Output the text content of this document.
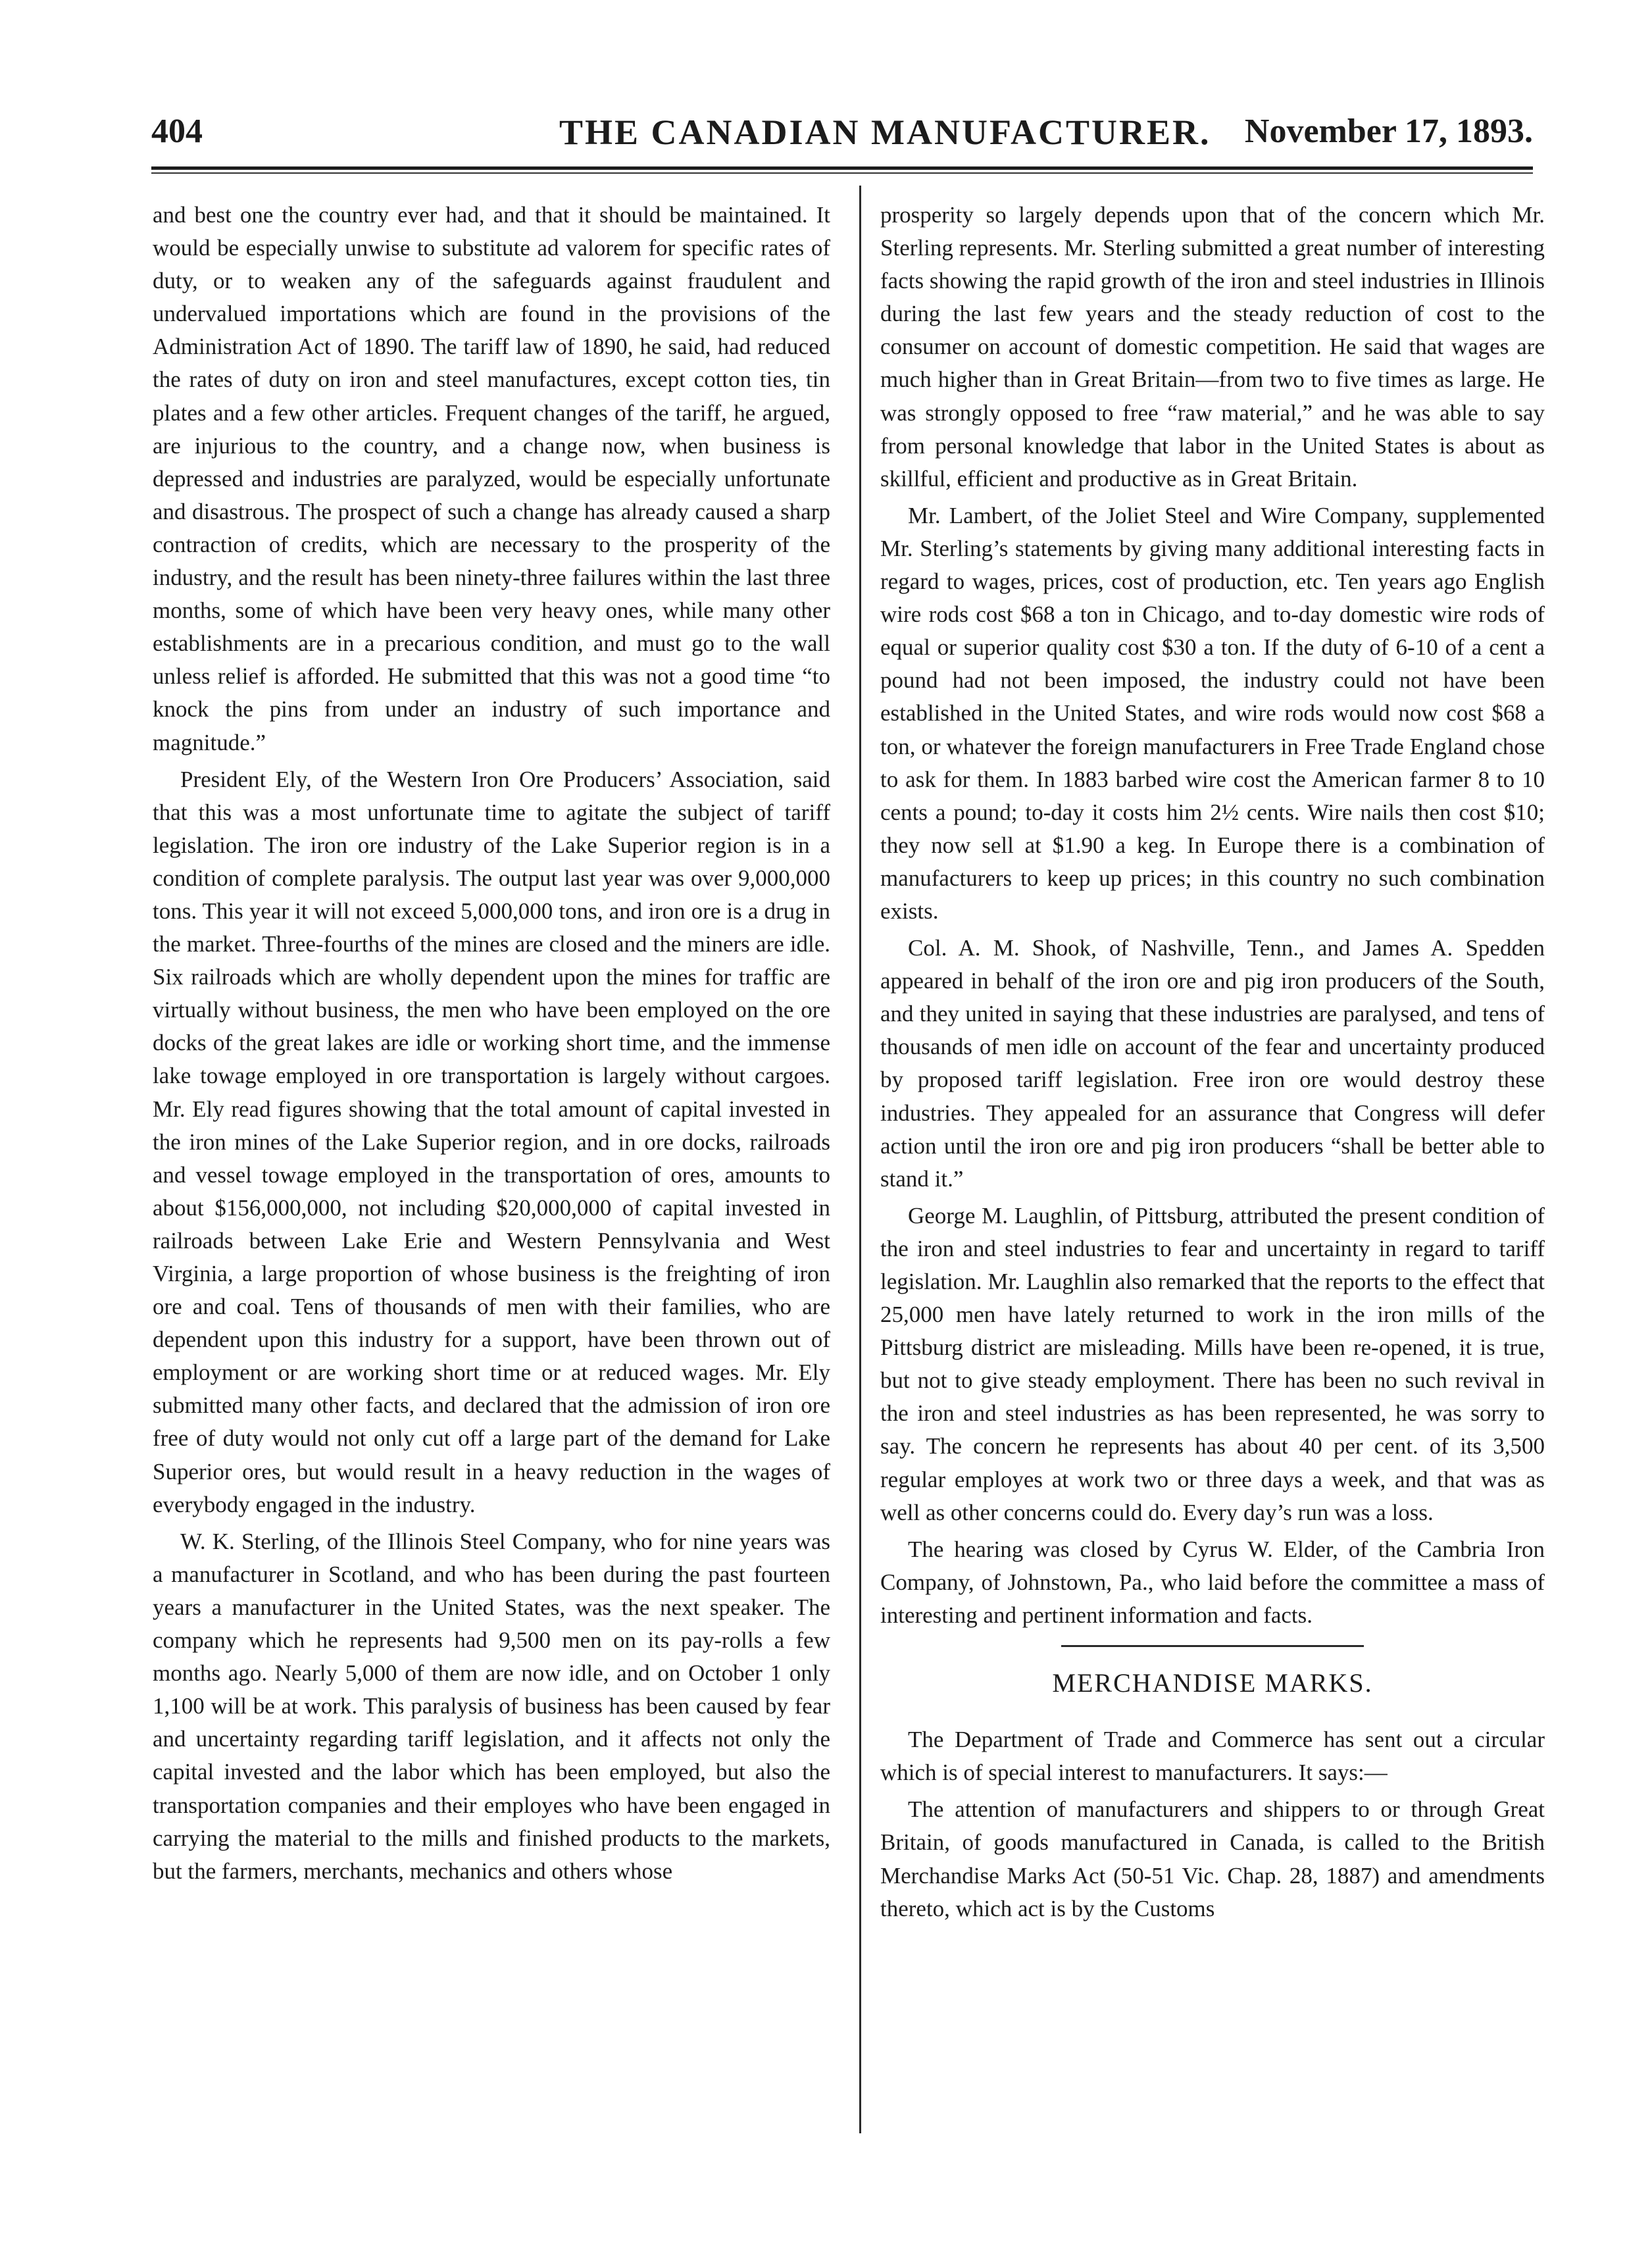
404	THE CANADIAN MANUFACTURER. November 17, 1893.

and best one the country ever had, and that it should be maintained. It would be especially unwise to substitute ad valorem for specific rates of duty, or to weaken any of the safeguards against fraudulent and undervalued importations which are found in the provisions of the Administration Act of 1890. The tariff law of 1890, he said, had reduced the rates of duty on iron and steel manufactures, except cotton ties, tin plates and a few other articles. Frequent changes of the tariff, he argued, are injurious to the country, and a change now, when business is depressed and industries are paralyzed, would be especially unfortunate and disastrous. The prospect of such a change has already caused a sharp contraction of credits, which are necessary to the prosperity of the industry, and the result has been ninety-three failures within the last three months, some of which have been very heavy ones, while many other establishments are in a precarious condition, and must go to the wall unless relief is afforded. He submitted that this was not a good time “to knock the pins from under an industry of such importance and magnitude.”

President Ely, of the Western Iron Ore Producers’ Association, said that this was a most unfortunate time to agitate the subject of tariff legislation. The iron ore industry of the Lake Superior region is in a condition of complete paralysis. The output last year was over 9,000,000 tons. This year it will not exceed 5,000,000 tons, and iron ore is a drug in the market. Three-fourths of the mines are closed and the miners are idle. Six railroads which are wholly dependent upon the mines for traffic are virtually without business, the men who have been employed on the ore docks of the great lakes are idle or working short time, and the immense lake towage employed in ore transportation is largely without cargoes. Mr. Ely read figures showing that the total amount of capital invested in the iron mines of the Lake Superior region, and in ore docks, railroads and vessel towage employed in the transportation of ores, amounts to about $156,000,000, not including $20,000,000 of capital invested in railroads between Lake Erie and Western Pennsylvania and West Virginia, a large proportion of whose business is the freighting of iron ore and coal. Tens of thousands of men with their families, who are dependent upon this industry for a support, have been thrown out of employment or are working short time or at reduced wages. Mr. Ely submitted many other facts, and declared that the admission of iron ore free of duty would not only cut off a large part of the demand for Lake Superior ores, but would result in a heavy reduction in the wages of everybody engaged in the industry.

W. K. Sterling, of the Illinois Steel Company, who for nine years was a manufacturer in Scotland, and who has been during the past fourteen years a manufacturer in the United States, was the next speaker. The company which he represents had 9,500 men on its pay-rolls a few months ago. Nearly 5,000 of them are now idle, and on October 1 only 1,100 will be at work. This paralysis of business has been caused by fear and uncertainty regarding tariff legislation, and it affects not only the capital invested and the labor which has been employed, but also the transportation companies and their employes who have been engaged in carrying the material to the mills and finished products to the markets, but the farmers, merchants, mechanics and others whose

prosperity so largely depends upon that of the concern which Mr. Sterling represents. Mr. Sterling submitted a great number of interesting facts showing the rapid growth of the iron and steel industries in Illinois during the last few years and the steady reduction of cost to the consumer on account of domestic competition. He said that wages are much higher than in Great Britain—from two to five times as large. He was strongly opposed to free “raw material,” and he was able to say from personal knowledge that labor in the United States is about as skillful, efficient and productive as in Great Britain.

Mr. Lambert, of the Joliet Steel and Wire Company, supplemented Mr. Sterling’s statements by giving many additional interesting facts in regard to wages, prices, cost of production, etc. Ten years ago English wire rods cost $68 a ton in Chicago, and to-day domestic wire rods of equal or superior quality cost $30 a ton. If the duty of 6-10 of a cent a pound had not been imposed, the industry could not have been established in the United States, and wire rods would now cost $68 a ton, or whatever the foreign manufacturers in Free Trade England chose to ask for them. In 1883 barbed wire cost the American farmer 8 to 10 cents a pound; to-day it costs him 2½ cents. Wire nails then cost $10; they now sell at $1.90 a keg. In Europe there is a combination of manufacturers to keep up prices; in this country no such combination exists.

Col. A. M. Shook, of Nashville, Tenn., and James A. Spedden appeared in behalf of the iron ore and pig iron producers of the South, and they united in saying that these industries are paralysed, and tens of thousands of men idle on account of the fear and uncertainty produced by proposed tariff legislation. Free iron ore would destroy these industries. They appealed for an assurance that Congress will defer action until the iron ore and pig iron producers “shall be better able to stand it.”

George M. Laughlin, of Pittsburg, attributed the present condition of the iron and steel industries to fear and uncertainty in regard to tariff legislation. Mr. Laughlin also remarked that the reports to the effect that 25,000 men have lately returned to work in the iron mills of the Pittsburg district are misleading. Mills have been re-opened, it is true, but not to give steady employment. There has been no such revival in the iron and steel industries as has been represented, he was sorry to say. The concern he represents has about 40 per cent. of its 3,500 regular employes at work two or three days a week, and that was as well as other concerns could do. Every day’s run was a loss.

The hearing was closed by Cyrus W. Elder, of the Cambria Iron Company, of Johnstown, Pa., who laid before the committee a mass of interesting and pertinent information and facts.

MERCHANDISE MARKS.

The Department of Trade and Commerce has sent out a circular which is of special interest to manufacturers. It says:—

The attention of manufacturers and shippers to or through Great Britain, of goods manufactured in Canada, is called to the British Merchandise Marks Act (50-51 Vic. Chap. 28, 1887) and amendments thereto, which act is by the Customs
